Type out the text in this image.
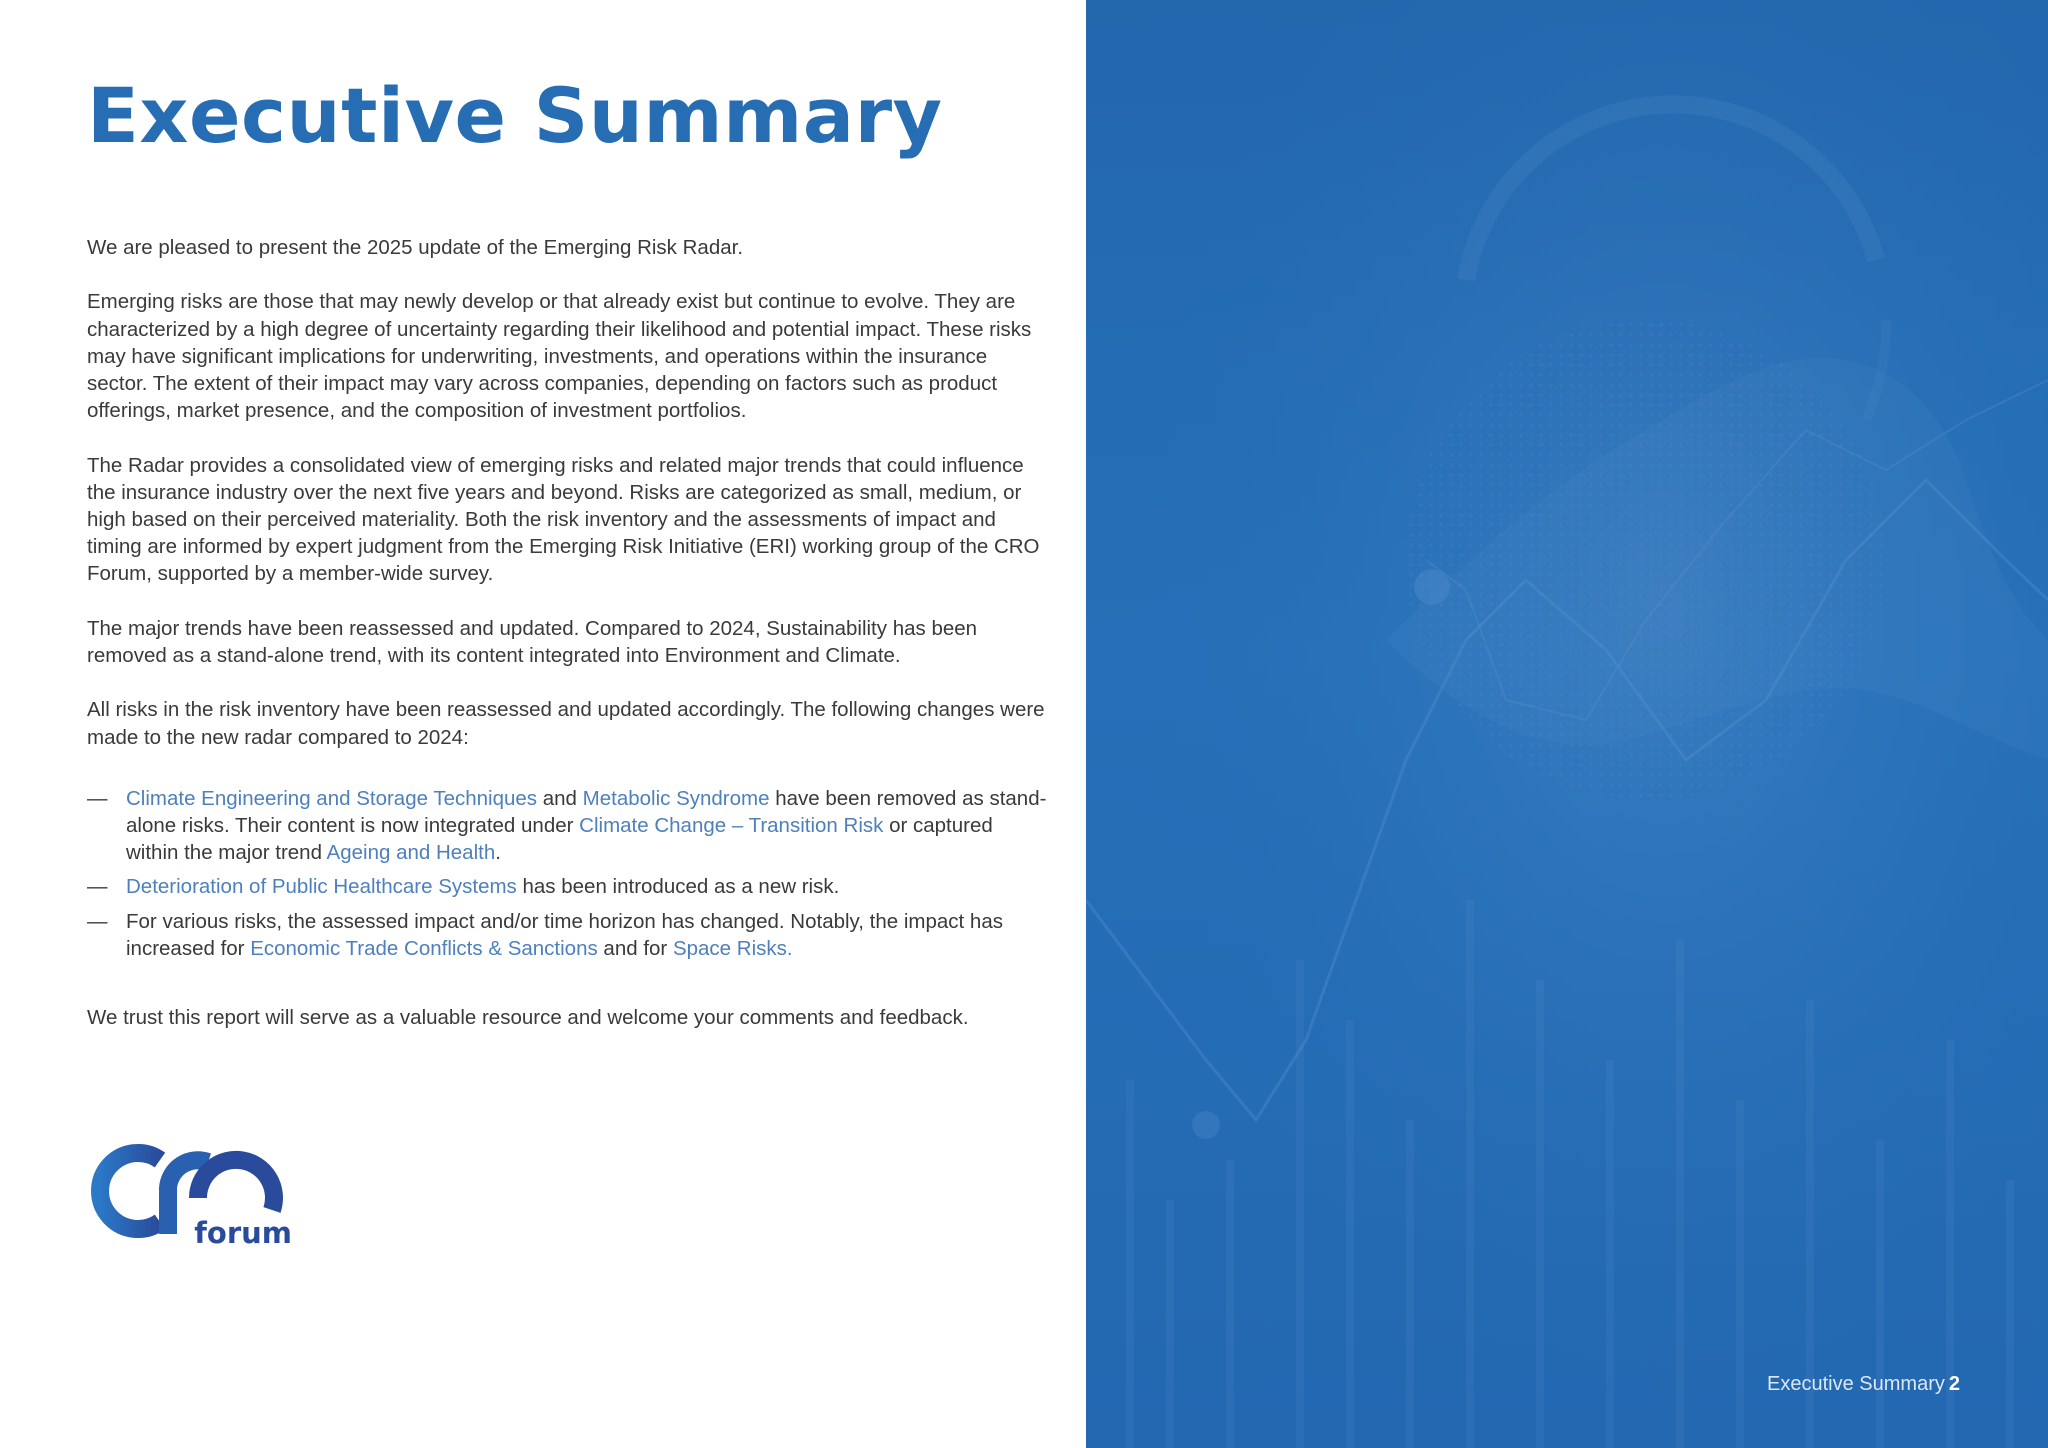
Executive Summary

We are pleased to present the 2025 update of the Emerging Risk Radar.

Emerging risks are those that may newly develop or that already exist but continue to evolve. They are characterized by a high degree of uncertainty regarding their likelihood and potential impact. These risks may have significant implications for underwriting, investments, and operations within the insurance sector. The extent of their impact may vary across companies, depending on factors such as product offerings, market presence, and the composition of investment portfolios.

The Radar provides a consolidated view of emerging risks and related major trends that could influence the insurance industry over the next five years and beyond. Risks are categorized as small, medium, or high based on their perceived materiality. Both the risk inventory and the assessments of impact and timing are informed by expert judgment from the Emerging Risk Initiative (ERI) working group of the CRO Forum, supported by a member-wide survey.

The major trends have been reassessed and updated. Compared to 2024, Sustainability has been removed as a stand-alone trend, with its content integrated into Environment and Climate.

All risks in the risk inventory have been reassessed and updated accordingly. The following changes were made to the new radar compared to 2024:

— Climate Engineering and Storage Techniques and Metabolic Syndrome have been removed as stand-alone risks. Their content is now integrated under Climate Change – Transition Risk or captured within the major trend Ageing and Health.
— Deterioration of Public Healthcare Systems has been introduced as a new risk.
— For various risks, the assessed impact and/or time horizon has changed. Notably, the impact has increased for Economic Trade Conflicts & Sanctions and for Space Risks.

We trust this report will serve as a valuable resource and welcome your comments and feedback.

forum
Executive Summary 2
